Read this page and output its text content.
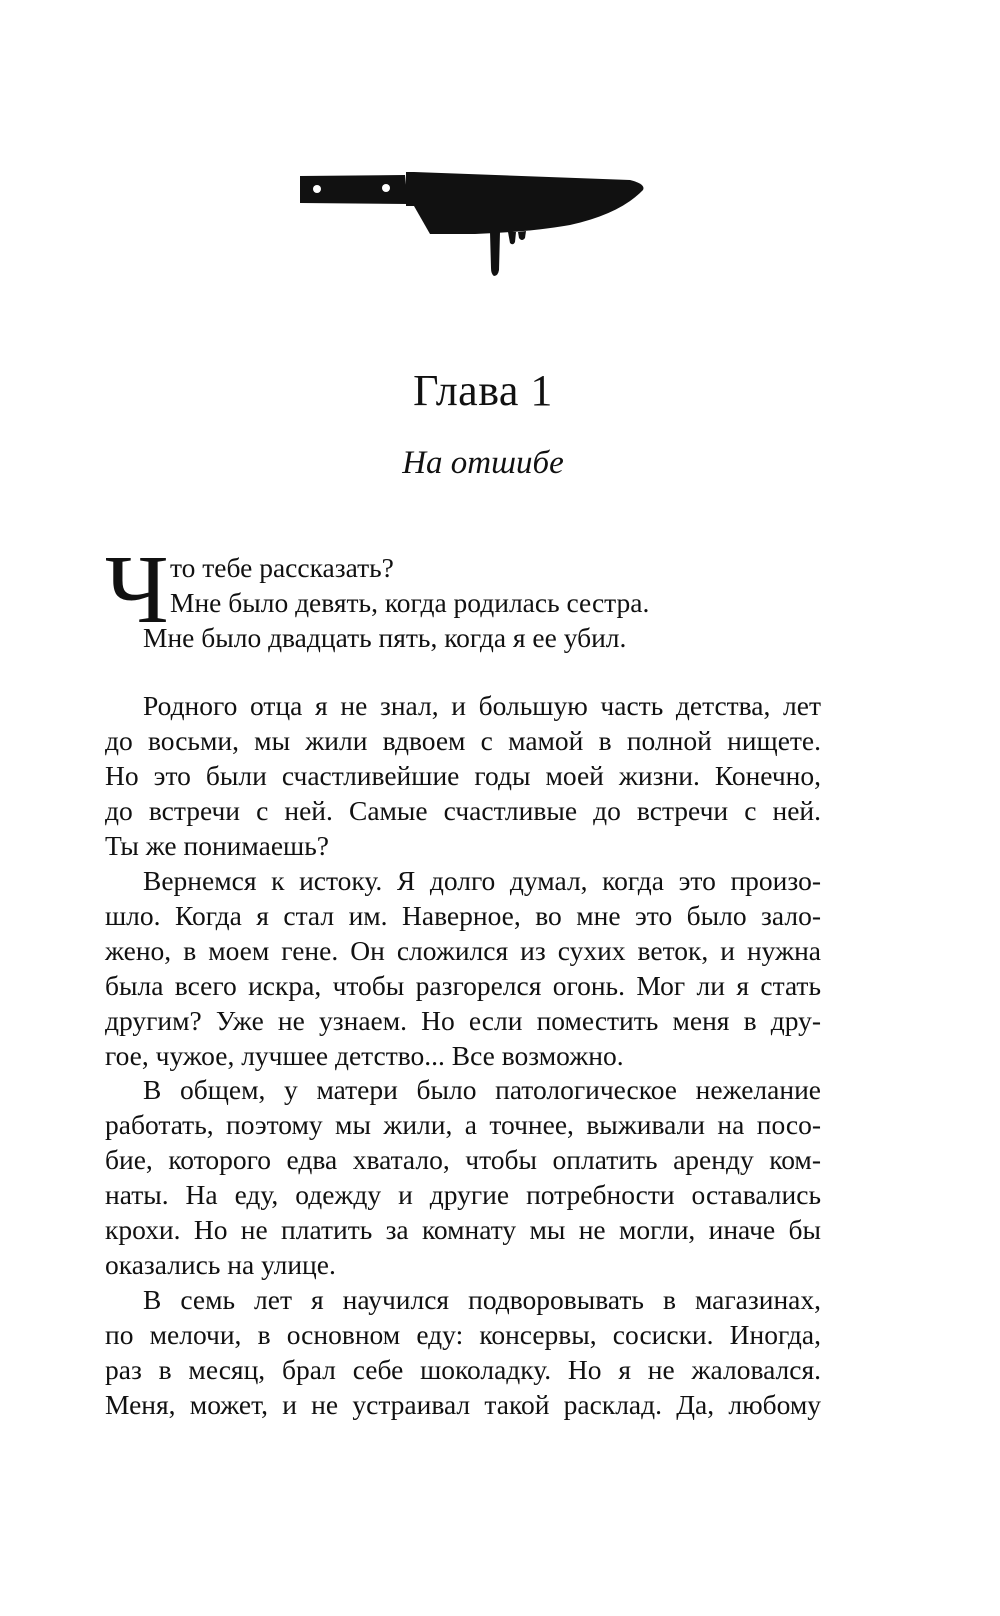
Глава 1
На отшибе
Ч то тебе рассказать?
Мне было девять, когда родилась сестра.
Мне было двадцать пять, когда я ее убил.
Родного отца я не знал, и большую часть детства, лет
до восьми, мы жили вдвоем с мамой в полной нищете.
Но это были счастливейшие годы моей жизни. Конечно,
до встречи с ней. Самые счастливые до встречи с ней.
Ты же понимаешь?
Вернемся к истоку. Я долго думал, когда это произо-
шло. Когда я стал им. Наверное, во мне это было зало-
жено, в моем гене. Он сложился из сухих веток, и нужна
была всего искра, чтобы разгорелся огонь. Мог ли я стать
другим? Уже не узнаем. Но если поместить меня в дру-
гое, чужое, лучшее детство... Все возможно.
В общем, у матери было патологическое нежелание
работать, поэтому мы жили, а точнее, выживали на посо-
бие, которого едва хватало, чтобы оплатить аренду ком-
наты. На еду, одежду и другие потребности оставались
крохи. Но не платить за комнату мы не могли, иначе бы
оказались на улице.
В семь лет я научился подворовывать в магазинах,
по мелочи, в основном еду: консервы, сосиски. Иногда,
раз в месяц, брал себе шоколадку. Но я не жаловался.
Меня, может, и не устраивал такой расклад. Да, любому
